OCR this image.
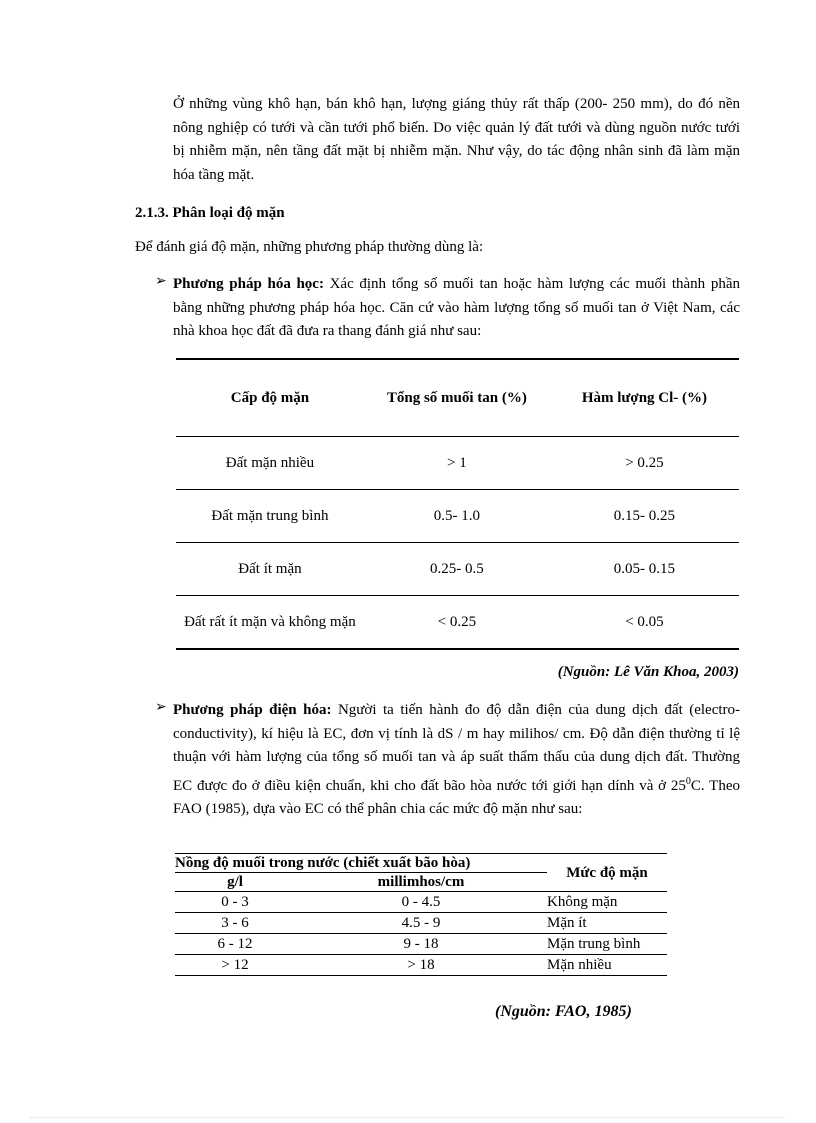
Ở những vùng khô hạn, bán khô hạn, lượng giáng thủy rất thấp (200- 250 mm), do đó nền nông nghiệp có tưới và cần tưới phổ biến. Do việc quản lý đất tưới và dùng nguồn nước tưới bị nhiễm mặn, nên tầng đất mặt bị nhiễm mặn. Như vậy, do tác động nhân sinh đã làm mặn hóa tầng mặt.
2.1.3. Phân loại độ mặn
Để đánh giá độ mặn, những phương pháp thường dùng là:
➢ Phương pháp hóa học: Xác định tổng số muối tan hoặc hàm lượng các muối thành phần bằng những phương pháp hóa học. Căn cứ vào hàm lượng tổng số muối tan ở Việt Nam, các nhà khoa học đất đã đưa ra thang đánh giá như sau:
Cấp độ mặn	Tổng số muối tan (%)	Hàm lượng Cl- (%)
Đất mặn nhiều	> 1	> 0.25
Đất mặn trung bình	0.5- 1.0	0.15- 0.25
Đất ít mặn	0.25- 0.5	0.05- 0.15
Đất rất ít mặn và không mặn	< 0.25	< 0.05
(Nguồn: Lê Văn Khoa, 2003)
➢ Phương pháp điện hóa: Người ta tiến hành đo độ dẫn điện của dung dịch đất (electro-conductivity), kí hiệu là EC, đơn vị tính là dS / m hay milihos/ cm. Độ dẫn điện thường tỉ lệ thuận với hàm lượng của tổng số muối tan và áp suất thẩm thấu của dung dịch đất. Thường EC được đo ở điều kiện chuẩn, khi cho đất bão hòa nước tới giới hạn dính và ở $25^0C$. Theo FAO (1985), dựa vào EC có thể phân chia các mức độ mặn như sau:
Nồng độ muối trong nước (chiết xuất bão hòa)		Mức độ mặn
g/l	millimhos/cm	
0 - 3	0 - 4.5	Không mặn
3 - 6	4.5 - 9	Mặn ít
6 - 12	9 - 18	Mặn trung bình
> 12	> 18	Mặn nhiều
(Nguồn: FAO, 1985)
